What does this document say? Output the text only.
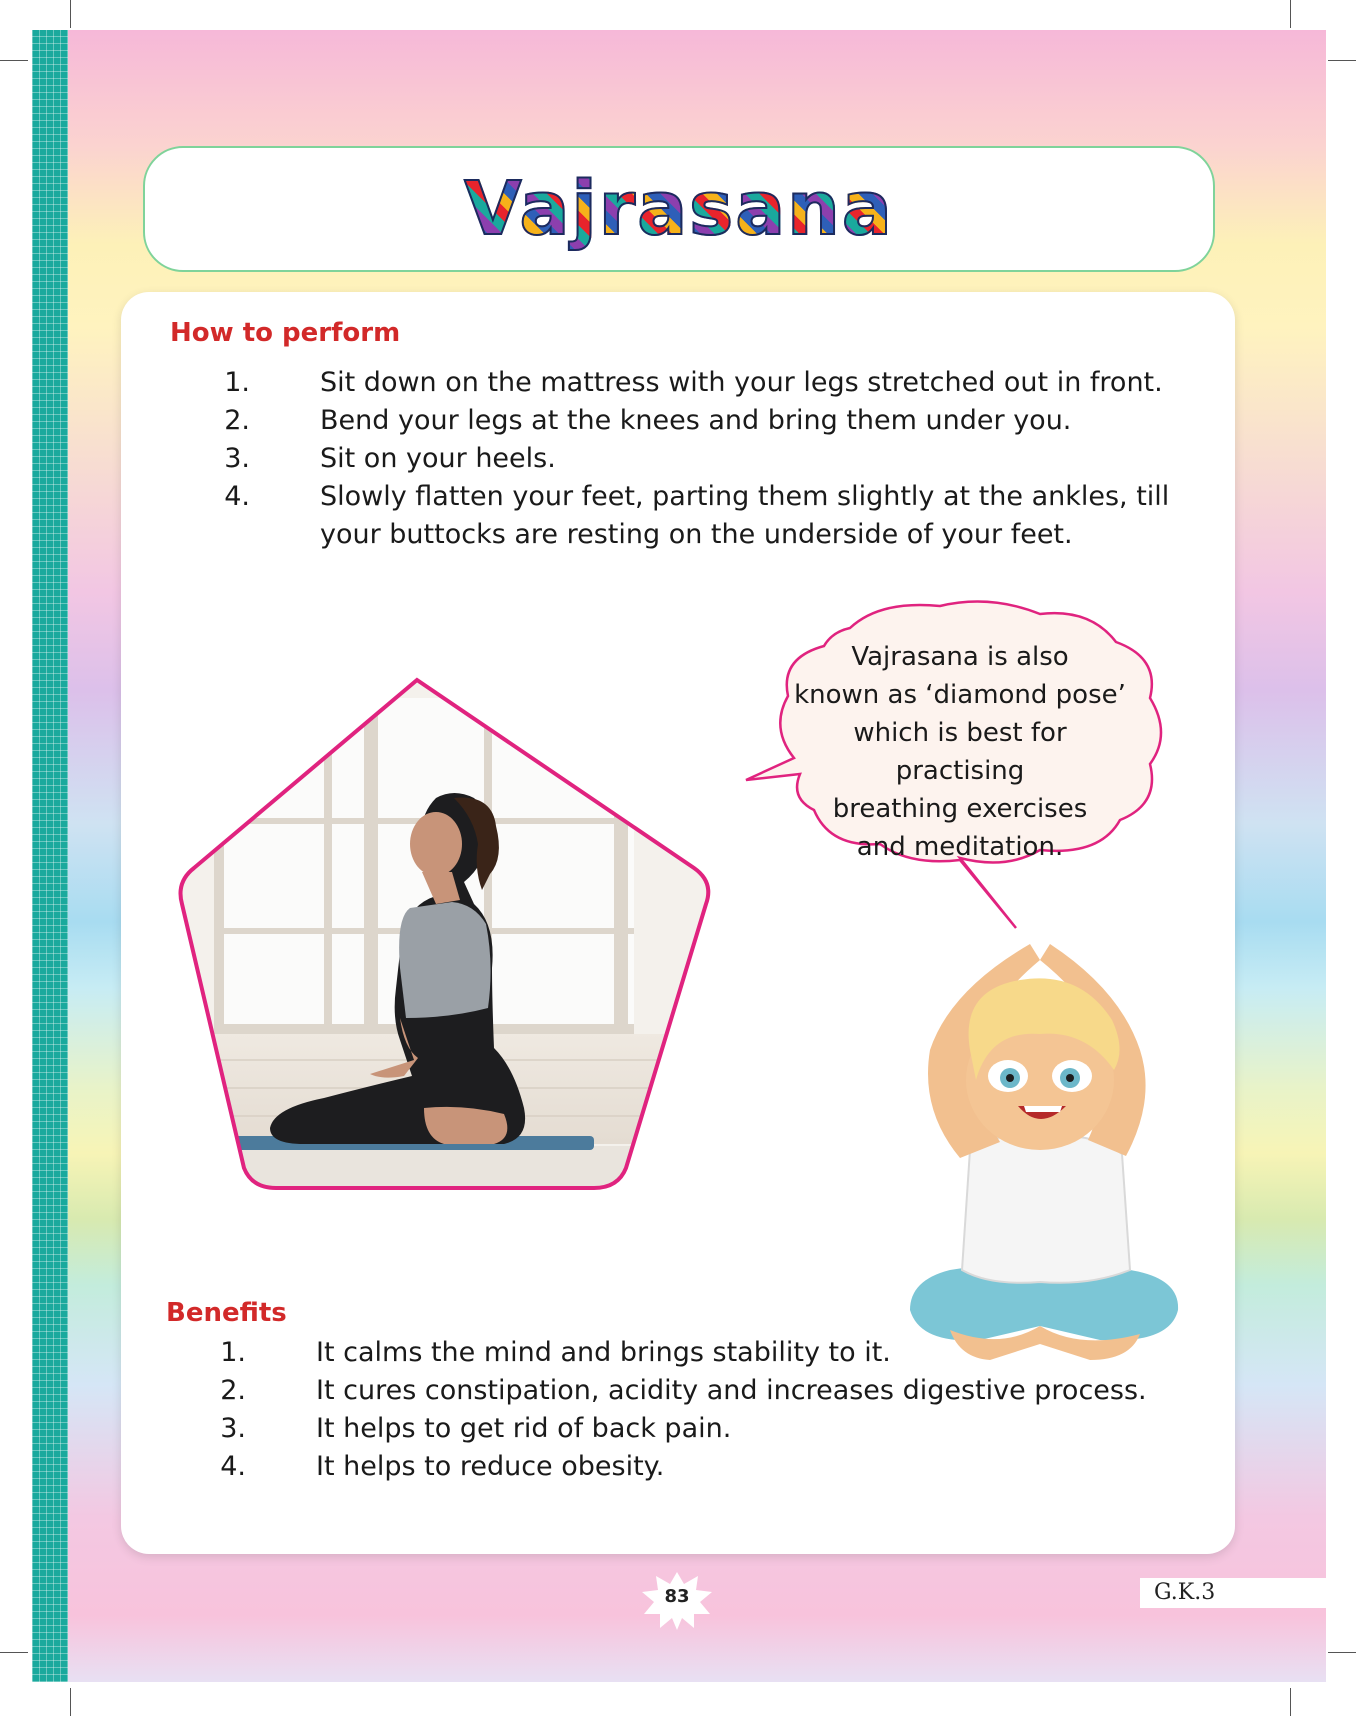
Vajrasana
How to perform
1.	Sit down on the mattress with your legs stretched out in front.
2.	Bend your legs at the knees and bring them under you.
3.	Sit on your heels.
4.	Slowly flatten your feet, parting them slightly at the ankles, till your buttocks are resting on the underside of your feet.
Vajrasana is also
known as ‘diamond pose’
which is best for practising
breathing exercises
and meditation.
Benefits
1.	It calms the mind and brings stability to it.
2.	It cures constipation, acidity and increases digestive process.
3.	It helps to get rid of back pain.
4.	It helps to reduce obesity.
83	G.K.3
